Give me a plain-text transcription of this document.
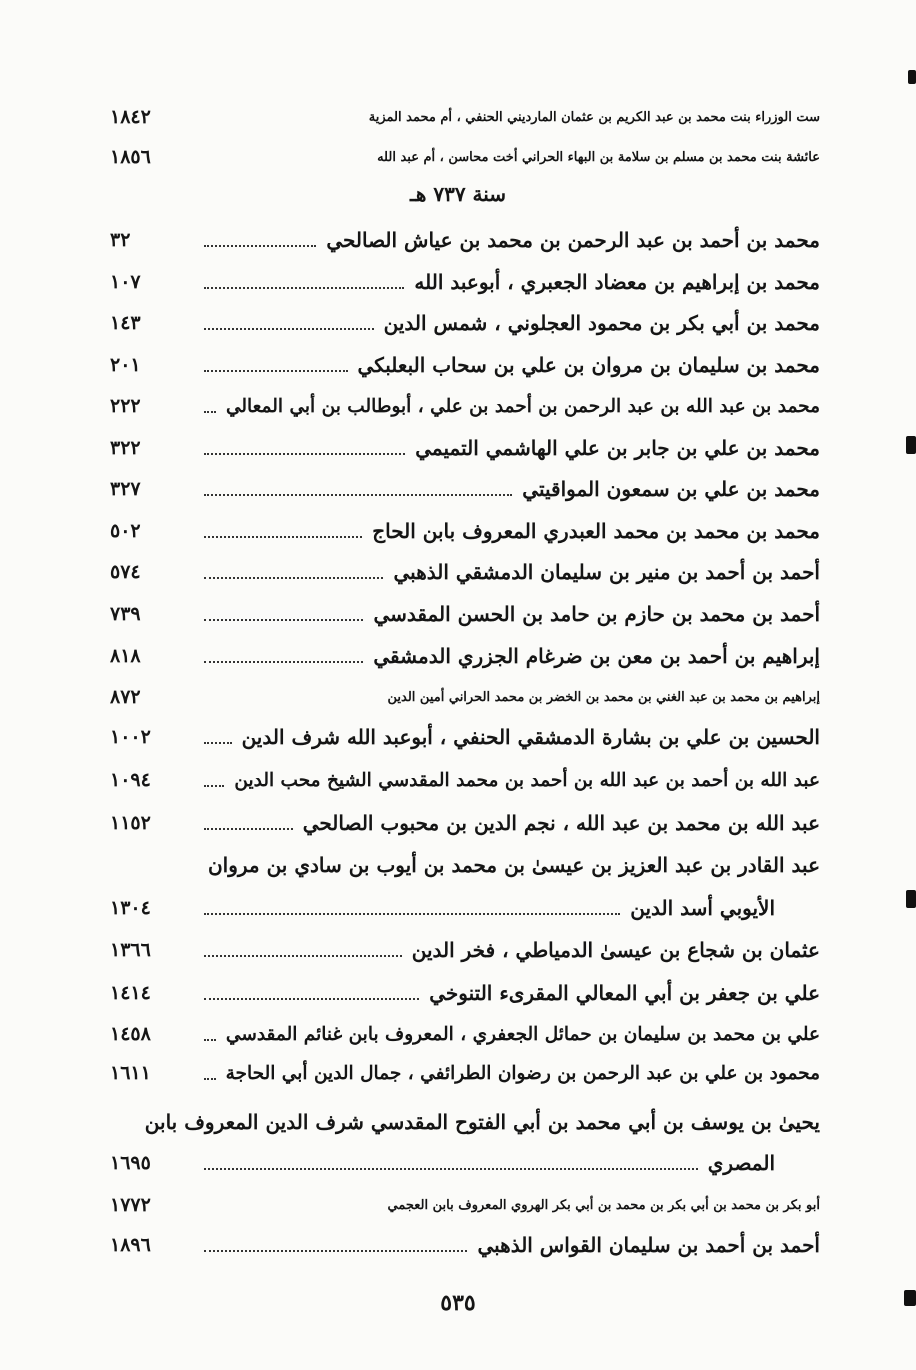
١٨٤٢	ست الوزراء بنت محمد بن عبد الكريم بن عثمان المارديني الحنفي ، أم محمد المزية
١٨٥٦	عائشة بنت محمد بن مسلم بن سلامة بن البهاء الحراني أخت محاسن ، أم عبد الله
سنة ٧٣٧ هـ
٣٢	محمد بن أحمد بن عبد الرحمن بن محمد بن عياش الصالحي
١٠٧	محمد بن إبراهيم بن معضاد الجعبري ، أبوعبد الله
١٤٣	محمد بن أبي بكر بن محمود العجلوني ، شمس الدين
٢٠١	محمد بن سليمان بن مروان بن علي بن سحاب البعلبكي
٢٢٢	محمد بن عبد الله بن عبد الرحمن بن أحمد بن علي ، أبوطالب بن أبي المعالي
٣٢٢	محمد بن علي بن جابر بن علي الهاشمي التميمي
٣٢٧	محمد بن علي بن سمعون المواقيتي
٥٠٢	محمد بن محمد بن محمد العبدري المعروف بابن الحاج
٥٧٤	أحمد بن أحمد بن منير بن سليمان الدمشقي الذهبي
٧٣٩	أحمد بن محمد بن حازم بن حامد بن الحسن المقدسي
٨١٨	إبراهيم بن أحمد بن معن بن ضرغام الجزري الدمشقي
٨٧٢	إبراهيم بن محمد بن عبد الغني بن محمد بن الخضر بن محمد الحراني أمين الدين
١٠٠٢	الحسين بن علي بن بشارة الدمشقي الحنفي ، أبوعبد الله شرف الدين
١٠٩٤	عبد الله بن أحمد بن عبد الله بن أحمد بن محمد المقدسي الشيخ محب الدين
١١٥٢	عبد الله بن محمد بن عبد الله ، نجم الدين بن محبوب الصالحي
عبد القادر بن عبد العزيز بن عيسىٰ بن محمد بن أيوب بن سادي بن مروان
١٣٠٤	الأيوبي أسد الدين
١٣٦٦	عثمان بن شجاع بن عيسىٰ الدمياطي ، فخر الدين
١٤١٤	علي بن جعفر بن أبي المعالي المقرىء التنوخي
١٤٥٨	علي بن محمد بن سليمان بن حمائل الجعفري ، المعروف بابن غنائم المقدسي
١٦١١	محمود بن علي بن عبد الرحمن بن رضوان الطرائفي ، جمال الدين أبي الحاجة
يحيىٰ بن يوسف بن أبي محمد بن أبي الفتوح المقدسي شرف الدين المعروف بابن
١٦٩٥	المصري
١٧٧٢	أبو بكر بن محمد بن أبي بكر بن محمد بن أبي بكر الهروي المعروف بابن العجمي
١٨٩٦	أحمد بن أحمد بن سليمان القواس الذهبي
٥٣٥
